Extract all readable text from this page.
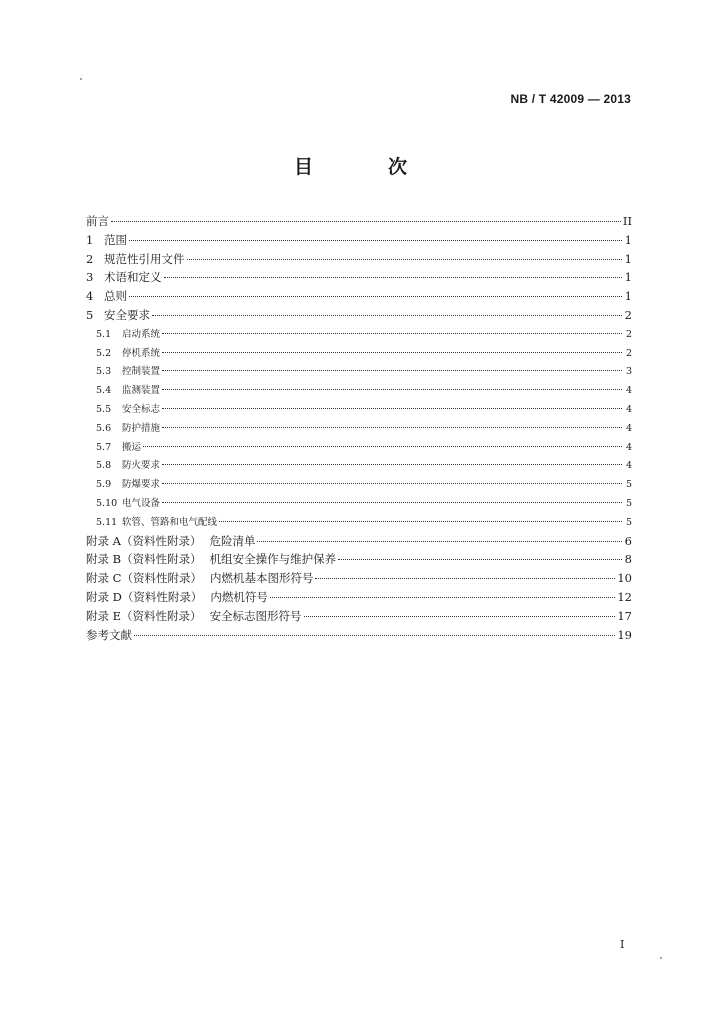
NB / T 42009 — 2013
目　次
前言	II
1 范围	1
2 规范性引用文件	1
3 术语和定义	1
4 总则	1
5 安全要求	2
5.1	启动系统	2
5.2	停机系统	2
5.3	控制装置	3
5.4	监测装置	4
5.5	安全标志	4
5.6	防护措施	4
5.7	搬运	4
5.8	防火要求	4
5.9	防爆要求	5
5.10 电气设备	5
5.11 软管、管路和电气配线	5
附录 A（资料性附录） 危险清单	6
附录 B（资料性附录） 机组安全操作与维护保养	8
附录 C（资料性附录） 内燃机基本图形符号	10
附录 D（资料性附录） 内燃机符号	12
附录 E（资料性附录） 安全标志图形符号	17
参考文献	19
I
